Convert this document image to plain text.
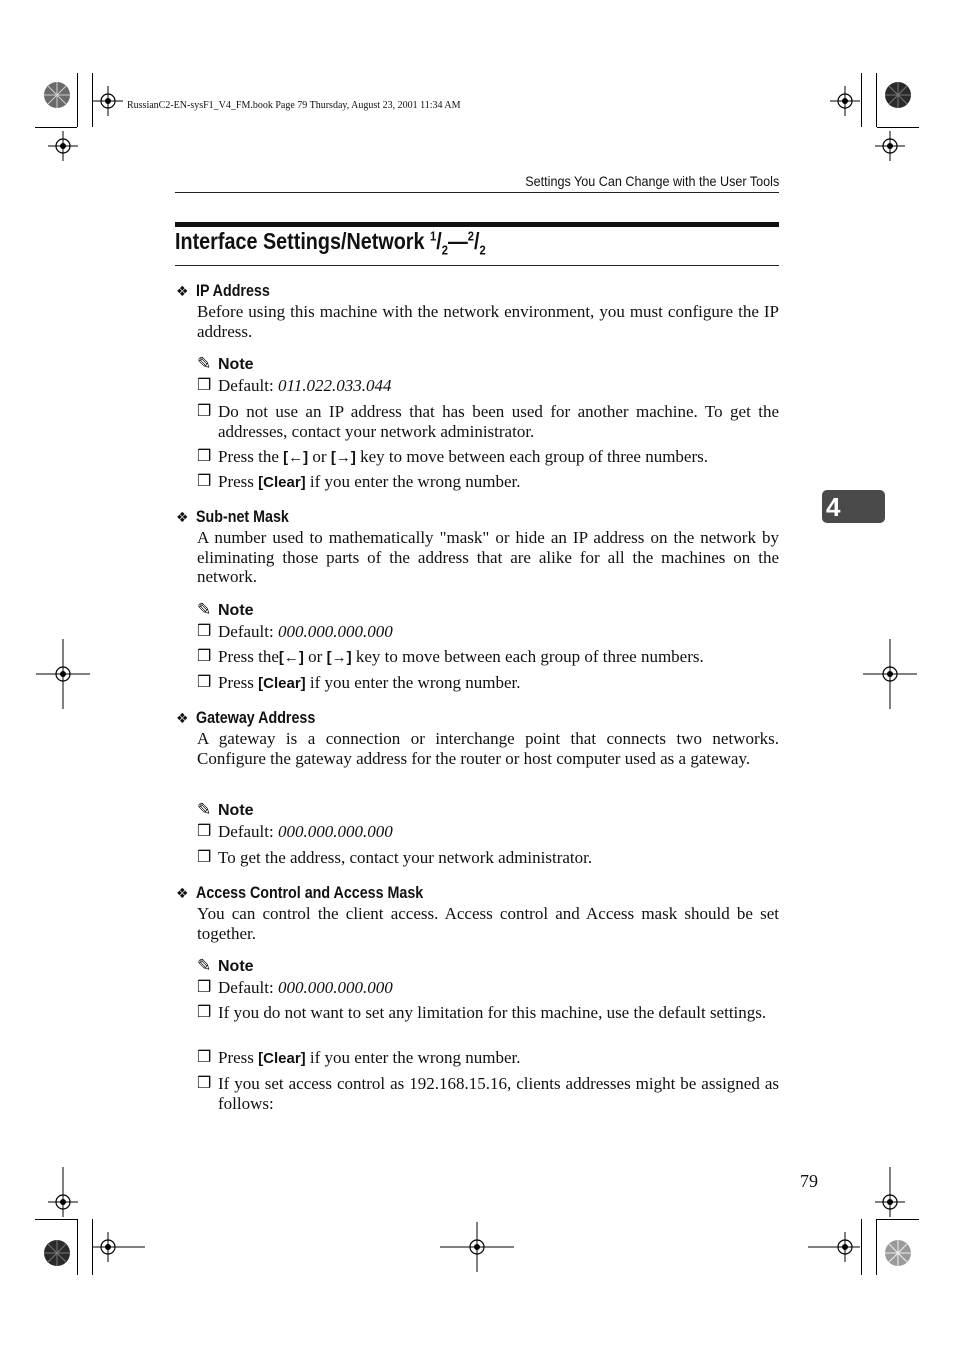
RussianC2-EN-sysF1_V4_FM.book Page 79 Thursday, August 23, 2001 11:34 AM
Settings You Can Change with the User Tools
Interface Settings/Network $^1/_2—^2/_2$
❖ IP Address
Before using this machine with the network environment, you must configure the IP address.
✎ Note
❒ Default: 011.022.033.044
❒ Do not use an IP address that has been used for another machine. To get the addresses, contact your network administrator.
❒ Press the [←] or [→] key to move between each group of three numbers.
❒ Press [Clear] if you enter the wrong number.
❖ Sub-net Mask
A number used to mathematically "mask" or hide an IP address on the network by eliminating those parts of the address that are alike for all the machines on the network.
✎ Note
❒ Default: 000.000.000.000
❒ Press the[←] or [→] key to move between each group of three numbers.
❒ Press [Clear] if you enter the wrong number.
❖ Gateway Address
A gateway is a connection or interchange point that connects two networks. Configure the gateway address for the router or host computer used as a gateway.
✎ Note
❒ Default: 000.000.000.000
❒ To get the address, contact your network administrator.
❖ Access Control and Access Mask
You can control the client access. Access control and Access mask should be set together.
✎ Note
❒ Default: 000.000.000.000
❒ If you do not want to set any limitation for this machine, use the default settings.
❒ Press [Clear] if you enter the wrong number.
❒ If you set access control as 192.168.15.16, clients addresses might be assigned as follows:
4
79
